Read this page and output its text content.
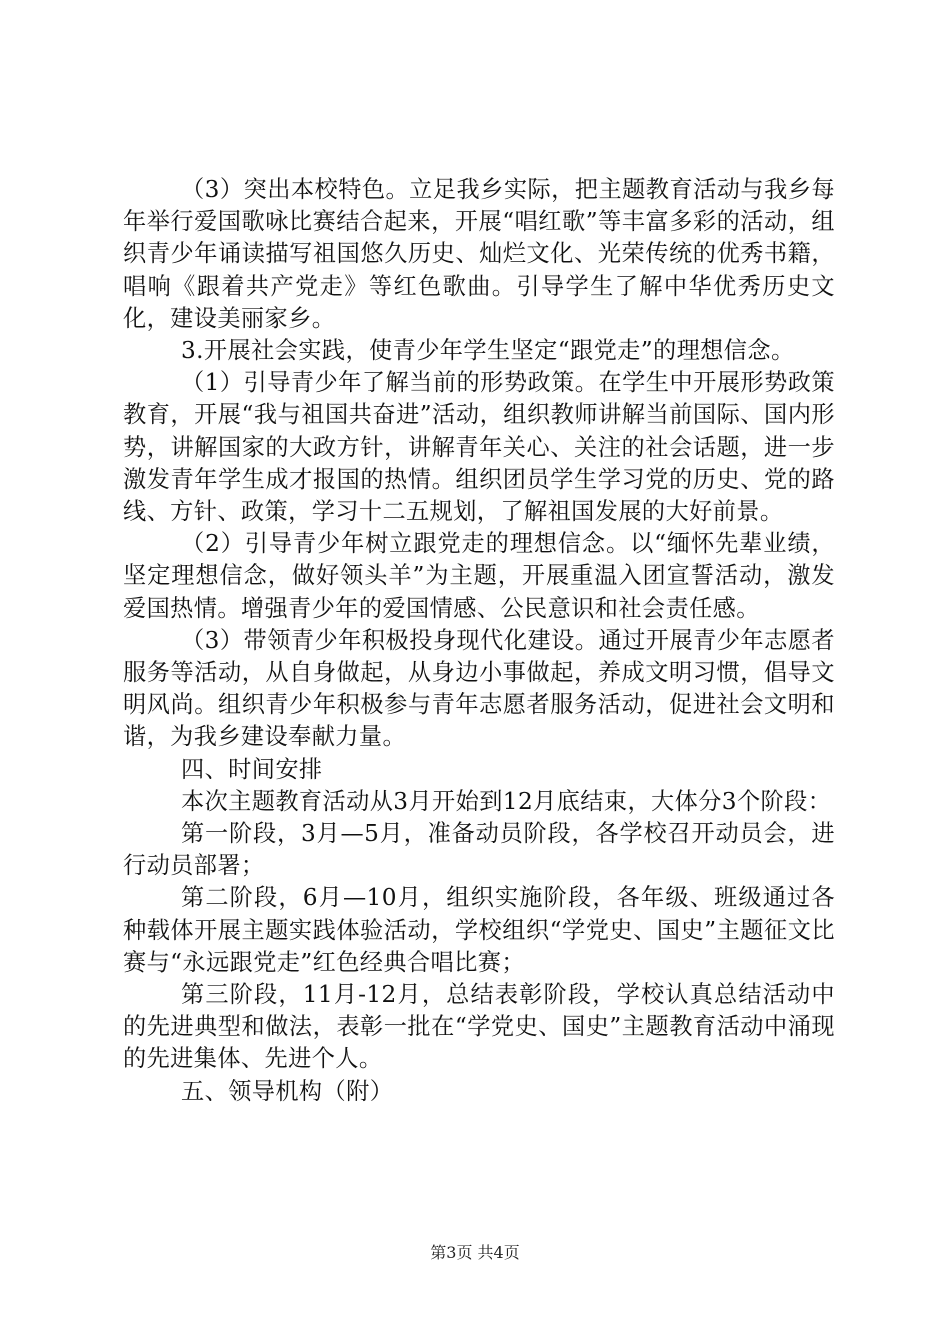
（3）突出本校特色。立足我乡实际，把主题教育活动与我乡每年举行爱国歌咏比赛结合起来，开展“唱红歌”等丰富多彩的活动，组织青少年诵读描写祖国悠久历史、灿烂文化、光荣传统的优秀书籍，唱响《跟着共产党走》等红色歌曲。引导学生了解中华优秀历史文化，建设美丽家乡。

3.开展社会实践，使青少年学生坚定“跟党走”的理想信念。

（1）引导青少年了解当前的形势政策。在学生中开展形势政策教育，开展“我与祖国共奋进”活动，组织教师讲解当前国际、国内形势，讲解国家的大政方针，讲解青年关心、关注的社会话题，进一步激发青年学生成才报国的热情。组织团员学生学习党的历史、党的路线、方针、政策，学习十二五规划，了解祖国发展的大好前景。

（2）引导青少年树立跟党走的理想信念。以“缅怀先辈业绩，坚定理想信念，做好领头羊”为主题，开展重温入团宣誓活动，激发爱国热情。增强青少年的爱国情感、公民意识和社会责任感。

（3）带领青少年积极投身现代化建设。通过开展青少年志愿者服务等活动，从自身做起，从身边小事做起，养成文明习惯，倡导文明风尚。组织青少年积极参与青年志愿者服务活动，促进社会文明和谐，为我乡建设奉献力量。

四、时间安排

本次主题教育活动从3月开始到12月底结束，大体分3个阶段：

第一阶段，3月—5月，准备动员阶段，各学校召开动员会，进行动员部署；

第二阶段，6月—10月，组织实施阶段，各年级、班级通过各种载体开展主题实践体验活动，学校组织“学党史、国史”主题征文比赛与“永远跟党走”红色经典合唱比赛；

第三阶段，11月-12月，总结表彰阶段，学校认真总结活动中的先进典型和做法，表彰一批在“学党史、国史”主题教育活动中涌现的先进集体、先进个人。

五、领导机构（附）

第3页 共4页
